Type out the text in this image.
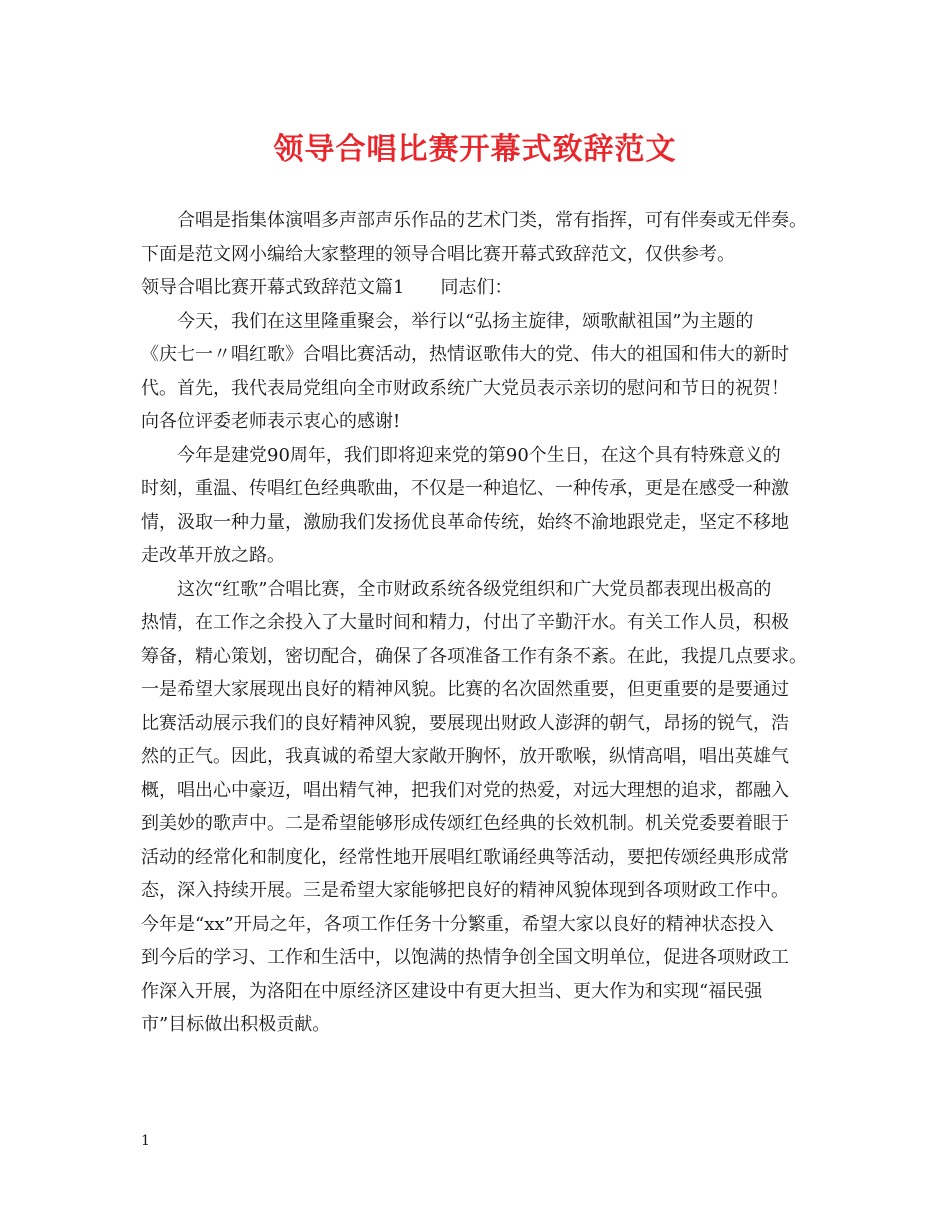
领导合唱比赛开幕式致辞范文
合唱是指集体演唱多声部声乐作品的艺术门类，常有指挥，可有伴奏或无伴奏。
下面是范文网小编给大家整理的领导合唱比赛开幕式致辞范文，仅供参考。
领导合唱比赛开幕式致辞范文篇1 同志们：
今天，我们在这里隆重聚会，举行以“弘扬主旋律，颂歌献祖国”为主题的
《庆七一〃唱红歌》合唱比赛活动，热情讴歌伟大的党、伟大的祖国和伟大的新时
代。首先，我代表局党组向全市财政系统广大党员表示亲切的慰问和节日的祝贺！
向各位评委老师表示衷心的感谢!
今年是建党90周年，我们即将迎来党的第90个生日，在这个具有特殊意义的
时刻，重温、传唱红色经典歌曲，不仅是一种追忆、一种传承，更是在感受一种激
情，汲取一种力量，激励我们发扬优良革命传统，始终不渝地跟党走，坚定不移地
走改革开放之路。
这次“红歌”合唱比赛，全市财政系统各级党组织和广大党员都表现出极高的
热情，在工作之余投入了大量时间和精力，付出了辛勤汗水。有关工作人员，积极
筹备，精心策划，密切配合，确保了各项准备工作有条不紊。在此，我提几点要求。
一是希望大家展现出良好的精神风貌。比赛的名次固然重要，但更重要的是要通过
比赛活动展示我们的良好精神风貌，要展现出财政人澎湃的朝气，昂扬的锐气，浩
然的正气。因此，我真诚的希望大家敞开胸怀，放开歌喉，纵情高唱，唱出英雄气
概，唱出心中豪迈，唱出精气神，把我们对党的热爱，对远大理想的追求，都融入
到美妙的歌声中。二是希望能够形成传颂红色经典的长效机制。机关党委要着眼于
活动的经常化和制度化，经常性地开展唱红歌诵经典等活动，要把传颂经典形成常
态，深入持续开展。三是希望大家能够把良好的精神风貌体现到各项财政工作中。
今年是“xx”开局之年，各项工作任务十分繁重，希望大家以良好的精神状态投入
到今后的学习、工作和生活中，以饱满的热情争创全国文明单位，促进各项财政工
作深入开展，为洛阳在中原经济区建设中有更大担当、更大作为和实现“福民强
市”目标做出积极贡献。
1
